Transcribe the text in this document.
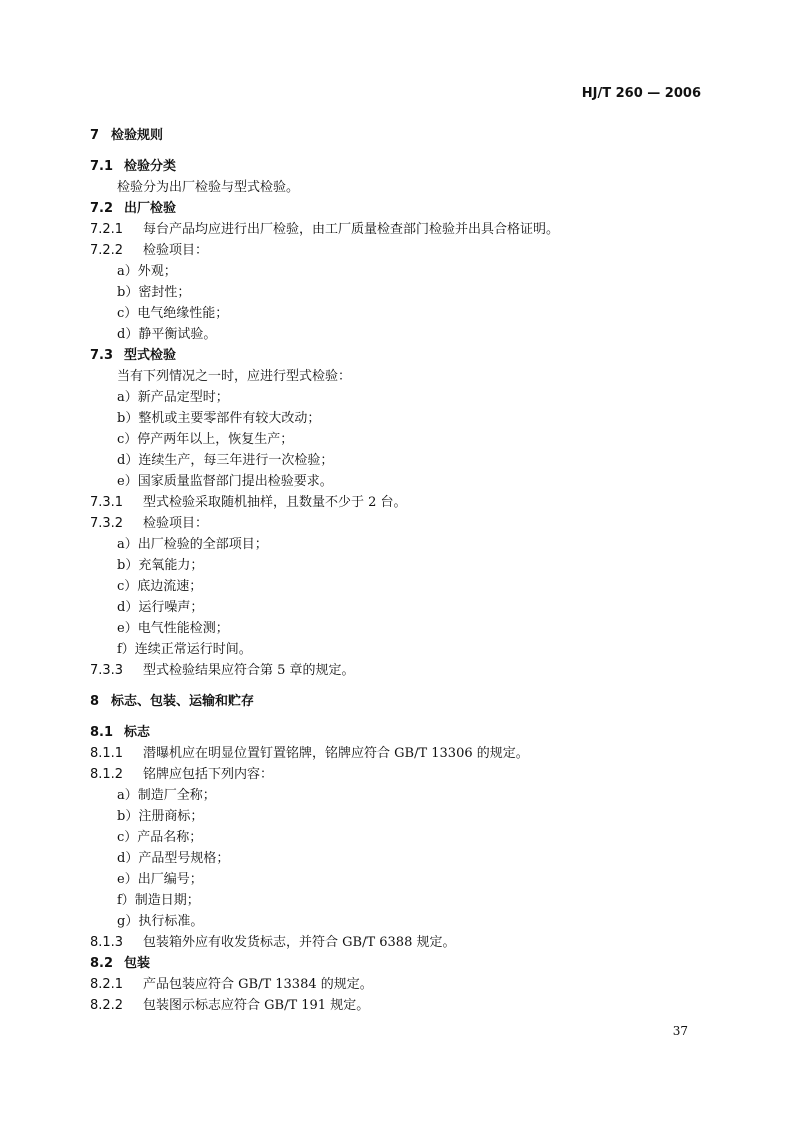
HJ/T 260 — 2006
7 检验规则
7.1 检验分类
检验分为出厂检验与型式检验。
7.2 出厂检验
7.2.1 每台产品均应进行出厂检验，由工厂质量检查部门检验并出具合格证明。
7.2.2 检验项目：
a）外观；
b）密封性；
c）电气绝缘性能；
d）静平衡试验。
7.3 型式检验
当有下列情况之一时，应进行型式检验：
a）新产品定型时；
b）整机或主要零部件有较大改动；
c）停产两年以上，恢复生产；
d）连续生产，每三年进行一次检验；
e）国家质量监督部门提出检验要求。
7.3.1 型式检验采取随机抽样，且数量不少于 2 台。
7.3.2 检验项目：
a）出厂检验的全部项目；
b）充氧能力；
c）底边流速；
d）运行噪声；
e）电气性能检测；
f）连续正常运行时间。
7.3.3 型式检验结果应符合第 5 章的规定。
8 标志、包装、运输和贮存
8.1 标志
8.1.1 潜曝机应在明显位置钉置铭牌，铭牌应符合 GB/T 13306 的规定。
8.1.2 铭牌应包括下列内容：
a）制造厂全称；
b）注册商标；
c）产品名称；
d）产品型号规格；
e）出厂编号；
f）制造日期；
g）执行标准。
8.1.3 包装箱外应有收发货标志，并符合 GB/T 6388 规定。
8.2 包装
8.2.1 产品包装应符合 GB/T 13384 的规定。
8.2.2 包装图示标志应符合 GB/T 191 规定。
37
